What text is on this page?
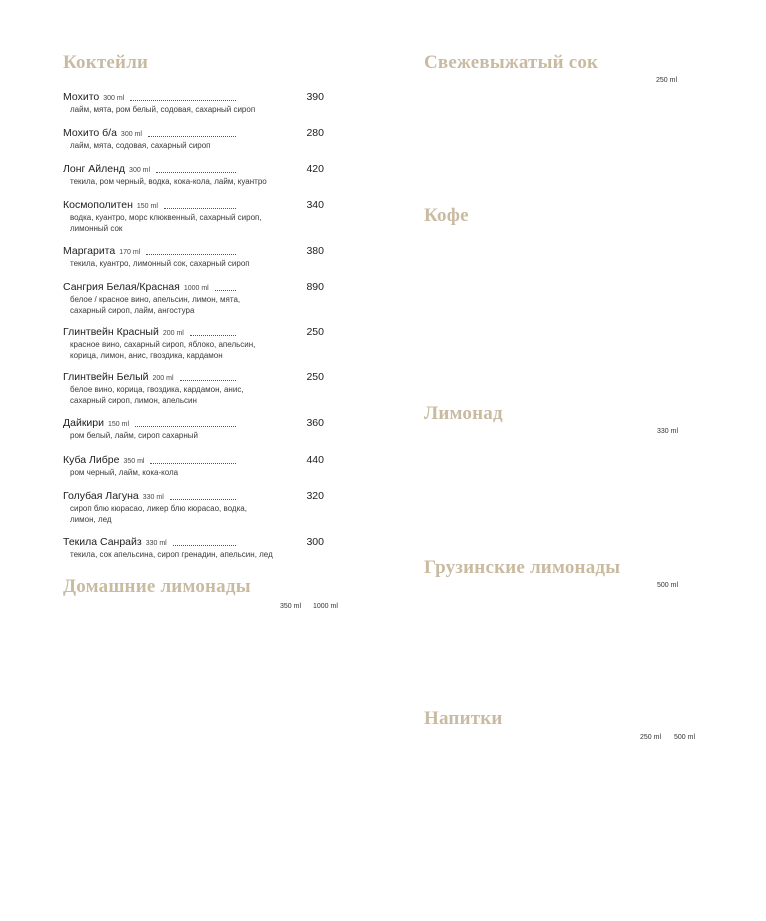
Коктейли
Мохито 300 ml	390
лайм, мята, ром белый, содовая, сахарный сироп
Мохито б/а 300 ml	280
лайм, мята, содовая, сахарный сироп
Лонг Айленд 300 ml	420
текила, ром черный, водка, кока-кола, лайм, куантро
Космополитен 150 ml	340
водка, куантро, морс клюквенный, сахарный сироп,
лимонный сок
Маргарита 170 ml	380
текила, куантро, лимонный сок, сахарный сироп
Сангрия Белая/Красная 1000 ml	890
белое / красное вино, апельсин, лимон, мята,
сахарный сироп, лайм, ангостура
Глинтвейн Красный 200 ml	250
красное вино, сахарный сироп, яблоко, апельсин,
корица, лимон, анис, гвоздика, кардамон
Глинтвейн Белый 200 ml	250
белое вино, корица, гвоздика, кардамон, анис,
сахарный сироп, лимон, апельсин
Дайкири 150 ml	360
ром белый, лайм, сироп сахарный
Куба Либре 350 ml	440
ром черный, лайм, кока-кола
Голубая Лагуна 330 ml	320
сироп блю кюрасао, ликер блю кюрасао, водка,
лимон, лед
Текила Санрайз 330 ml	300
текила, сок апельсина, сироп гренадин, апельсин, лед
Домашние лимонады
350 ml 1000 ml
Свежевыжатый сок
250 ml
Кофе
Лимонад
330 ml
Грузинские лимонады
500 ml
Напитки
250 ml 500 ml
